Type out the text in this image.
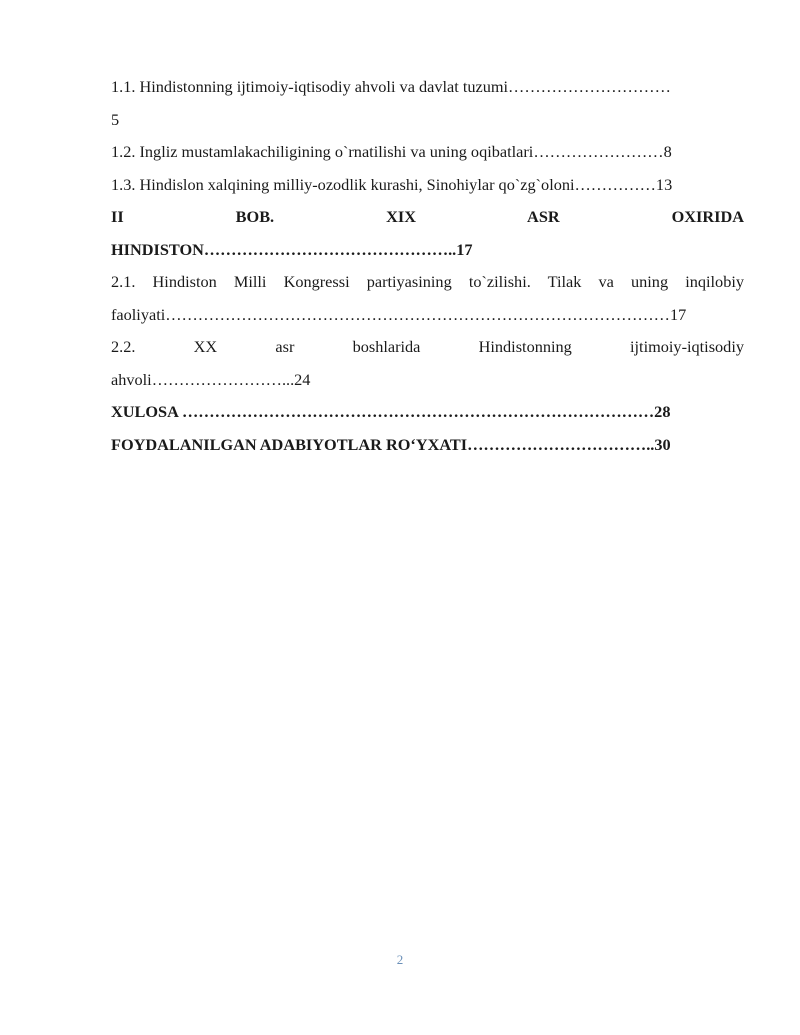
1.1. Hindistonning ijtimoiy-iqtisodiy ahvoli va davlat tuzumi…………………………
5
1.2. Ingliz mustamlakachiligining o`rnatilishi va uning oqibatlari……………………8
1.3. Hindislon xalqining milliy-ozodlik kurashi, Sinohiylar qo`zg`oloni……………13
II BOB. XIX ASR OXIRIDA
HINDISTON………………………………………..17
2.1. Hindiston Milli Kongressi partiyasining to`zilishi. Tilak va uning inqilobiy
faoliyati…………………………………………………………………………………17
2.2. XX asr boshlarida Hindistonning ijtimoiy-iqtisodiy
ahvoli……………………...24
XULOSA ……………………………………………………………………………28
FOYDALANILGAN ADABIYOTLAR RO‘YXATI……………………………..30
2
